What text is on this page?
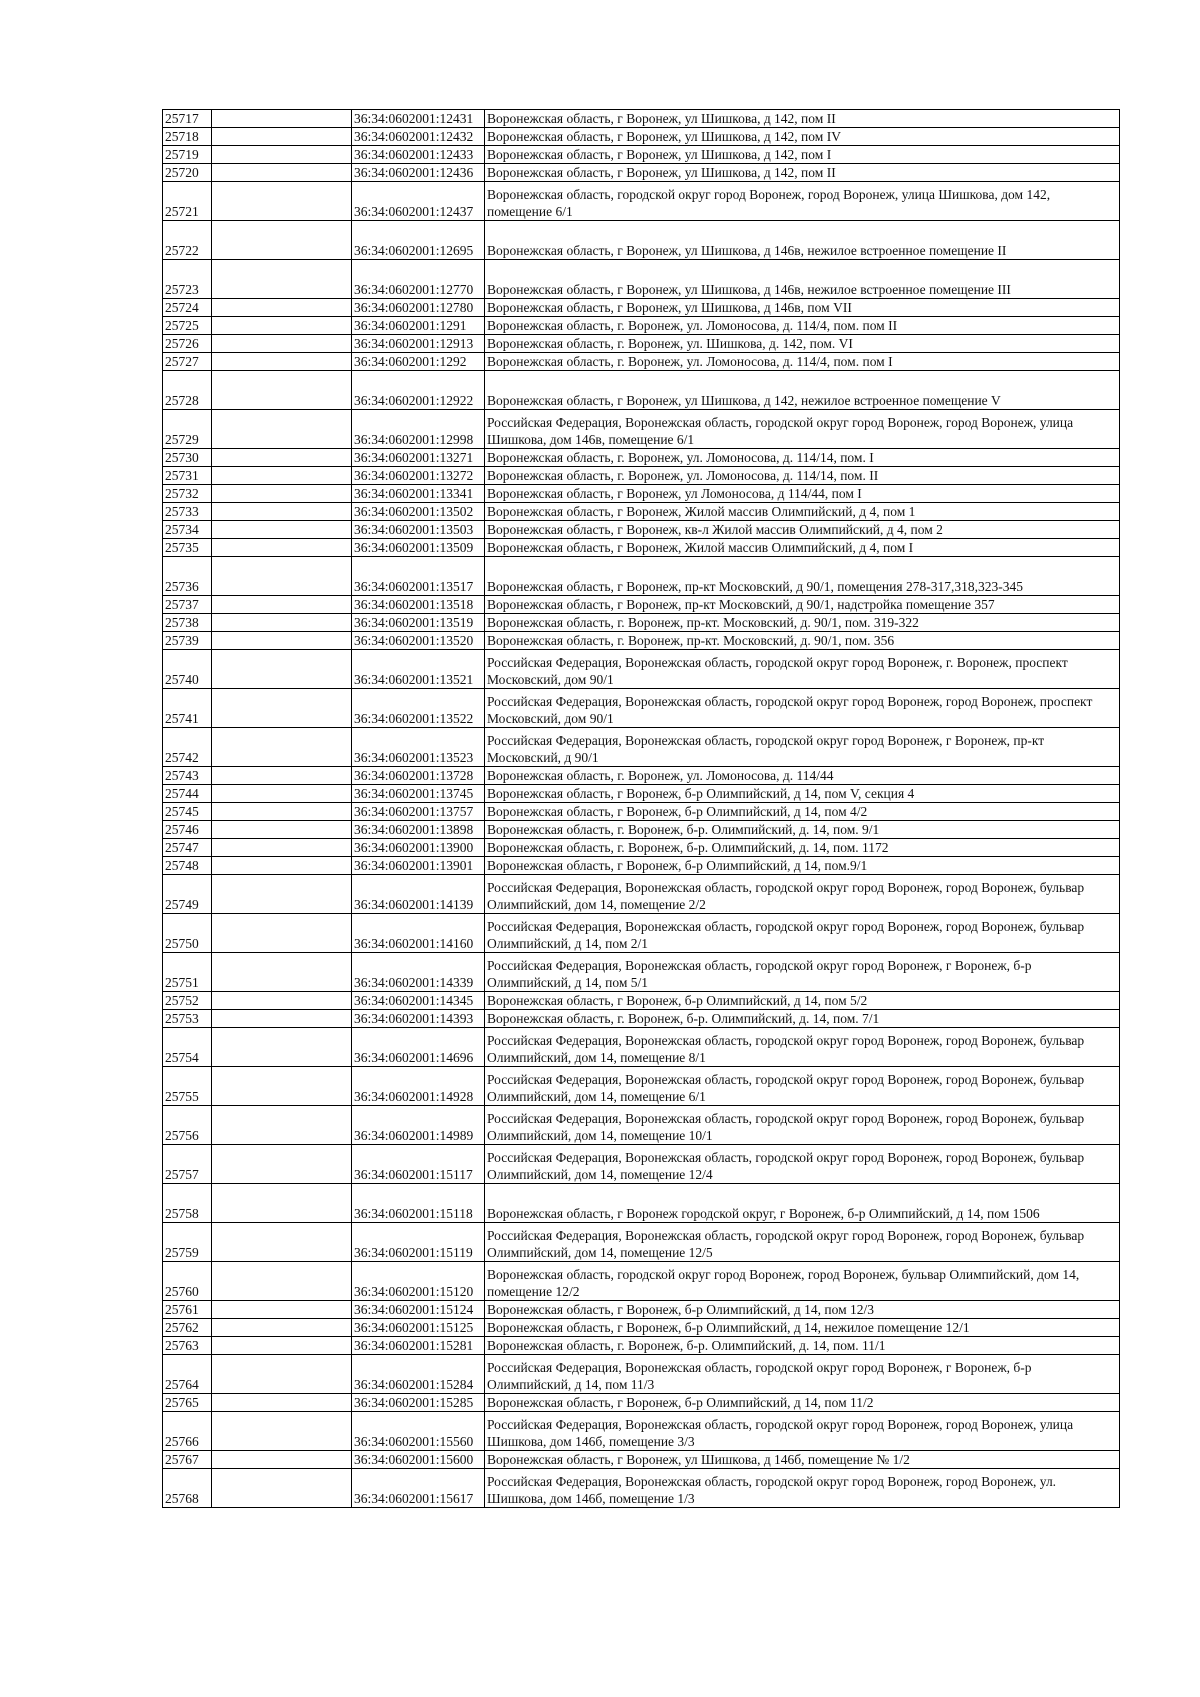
25717		36:34:0602001:12431	Воронежская область, г Воронеж, ул Шишкова, д 142, пом II
25718		36:34:0602001:12432	Воронежская область, г Воронеж, ул Шишкова, д 142, пом IV
25719		36:34:0602001:12433	Воронежская область, г Воронеж, ул Шишкова, д 142, пом I
25720		36:34:0602001:12436	Воронежская область, г Воронеж, ул Шишкова, д 142, пом II
25721		36:34:0602001:12437	Воронежская область, городской округ город Воронеж, город Воронеж, улица Шишкова, дом 142, помещение 6/1
25722		36:34:0602001:12695	Воронежская область, г Воронеж, ул Шишкова, д 146в, нежилое встроенное помещение II
25723		36:34:0602001:12770	Воронежская область, г Воронеж, ул Шишкова, д 146в, нежилое встроенное помещение III
25724		36:34:0602001:12780	Воронежская область, г Воронеж, ул Шишкова, д 146в, пом VII
25725		36:34:0602001:1291	Воронежская область, г. Воронеж, ул. Ломоносова, д. 114/4, пом. пом II
25726		36:34:0602001:12913	Воронежская область, г. Воронеж, ул. Шишкова, д. 142, пом. VI
25727		36:34:0602001:1292	Воронежская область, г. Воронеж, ул. Ломоносова, д. 114/4, пом. пом I
25728		36:34:0602001:12922	Воронежская область, г Воронеж, ул Шишкова, д 142, нежилое встроенное помещение V
25729		36:34:0602001:12998	Российская Федерация, Воронежская область, городской округ город Воронеж, город Воронеж, улица Шишкова, дом 146в, помещение 6/1
25730		36:34:0602001:13271	Воронежская область, г. Воронеж, ул. Ломоносова, д. 114/14, пом. I
25731		36:34:0602001:13272	Воронежская область, г. Воронеж, ул. Ломоносова, д. 114/14, пом. II
25732		36:34:0602001:13341	Воронежская область, г Воронеж, ул Ломоносова, д 114/44, пом I
25733		36:34:0602001:13502	Воронежская область, г Воронеж, Жилой массив Олимпийский, д 4, пом 1
25734		36:34:0602001:13503	Воронежская область, г Воронеж, кв-л Жилой массив Олимпийский, д 4, пом 2
25735		36:34:0602001:13509	Воронежская область, г Воронеж, Жилой массив Олимпийский, д 4, пом I
25736		36:34:0602001:13517	Воронежская область, г Воронеж, пр-кт Московский, д 90/1, помещения 278-317,318,323-345
25737		36:34:0602001:13518	Воронежская область, г Воронеж, пр-кт Московский, д 90/1, надстройка помещение 357
25738		36:34:0602001:13519	Воронежская область, г. Воронеж, пр-кт. Московский, д. 90/1, пом. 319-322
25739		36:34:0602001:13520	Воронежская область, г. Воронеж, пр-кт. Московский, д. 90/1, пом. 356
25740		36:34:0602001:13521	Российская Федерация, Воронежская область, городской округ город Воронеж, г. Воронеж, проспект Московский, дом 90/1
25741		36:34:0602001:13522	Российская Федерация, Воронежская область, городской округ город Воронеж, город Воронеж, проспект Московский, дом 90/1
25742		36:34:0602001:13523	Российская Федерация, Воронежская область, городской округ город Воронеж, г Воронеж, пр-кт Московский, д 90/1
25743		36:34:0602001:13728	Воронежская область, г. Воронеж, ул. Ломоносова, д. 114/44
25744		36:34:0602001:13745	Воронежская область, г Воронеж, б-р Олимпийский, д 14, пом V, секция 4
25745		36:34:0602001:13757	Воронежская область, г Воронеж, б-р Олимпийский, д 14, пом 4/2
25746		36:34:0602001:13898	Воронежская область, г. Воронеж, б-р. Олимпийский, д. 14, пом. 9/1
25747		36:34:0602001:13900	Воронежская область, г. Воронеж, б-р. Олимпийский, д. 14, пом. 1172
25748		36:34:0602001:13901	Воронежская область, г Воронеж, б-р Олимпийский, д 14, пом.9/1
25749		36:34:0602001:14139	Российская Федерация, Воронежская область, городской округ город Воронеж, город Воронеж, бульвар Олимпийский, дом 14, помещение 2/2
25750		36:34:0602001:14160	Российская Федерация, Воронежская область, городской округ город Воронеж, город Воронеж, бульвар Олимпийский, д 14, пом 2/1
25751		36:34:0602001:14339	Российская Федерация, Воронежская область, городской округ город Воронеж, г Воронеж, б-р Олимпийский, д 14, пом 5/1
25752		36:34:0602001:14345	Воронежская область, г Воронеж, б-р Олимпийский, д 14, пом 5/2
25753		36:34:0602001:14393	Воронежская область, г. Воронеж, б-р. Олимпийский, д. 14, пом. 7/1
25754		36:34:0602001:14696	Российская Федерация, Воронежская область, городской округ город Воронеж, город Воронеж, бульвар Олимпийский, дом 14, помещение 8/1
25755		36:34:0602001:14928	Российская Федерация, Воронежская область, городской округ город Воронеж, город Воронеж, бульвар Олимпийский, дом 14, помещение 6/1
25756		36:34:0602001:14989	Российская Федерация, Воронежская область, городской округ город Воронеж, город Воронеж, бульвар Олимпийский, дом 14, помещение 10/1
25757		36:34:0602001:15117	Российская Федерация, Воронежская область, городской округ город Воронеж, город Воронеж, бульвар Олимпийский, дом 14, помещение 12/4
25758		36:34:0602001:15118	Воронежская область, г Воронеж городской округ, г Воронеж, б-р Олимпийский, д 14, пом 1506
25759		36:34:0602001:15119	Российская Федерация, Воронежская область, городской округ город Воронеж, город Воронеж, бульвар Олимпийский, дом 14, помещение 12/5
25760		36:34:0602001:15120	Воронежская область, городской округ город Воронеж, город Воронеж, бульвар Олимпийский, дом 14, помещение 12/2
25761		36:34:0602001:15124	Воронежская область, г Воронеж, б-р Олимпийский, д 14, пом 12/3
25762		36:34:0602001:15125	Воронежская область, г Воронеж, б-р Олимпийский, д 14, нежилое помещение 12/1
25763		36:34:0602001:15281	Воронежская область, г. Воронеж, б-р. Олимпийский, д. 14, пом. 11/1
25764		36:34:0602001:15284	Российская Федерация, Воронежская область, городской округ город Воронеж, г Воронеж, б-р Олимпийский, д 14, пом 11/3
25765		36:34:0602001:15285	Воронежская область, г Воронеж, б-р Олимпийский, д 14, пом 11/2
25766		36:34:0602001:15560	Российская Федерация, Воронежская область, городской округ город Воронеж, город Воронеж, улица Шишкова, дом 146б, помещение 3/3
25767		36:34:0602001:15600	Воронежская область, г Воронеж, ул Шишкова, д 146б, помещение № 1/2
25768		36:34:0602001:15617	Российская Федерация, Воронежская область, городской округ город Воронеж, город Воронеж, ул. Шишкова, дом 146б, помещение 1/3
